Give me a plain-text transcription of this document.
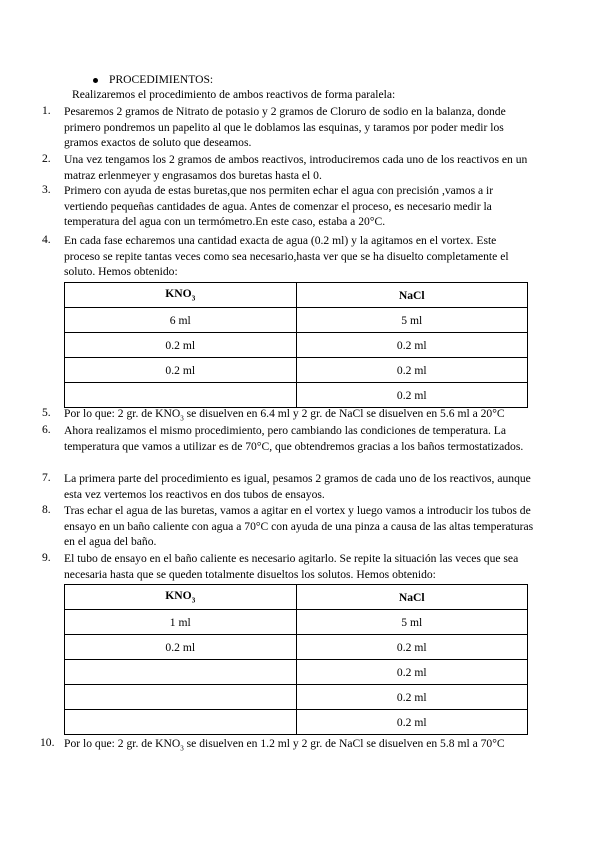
PROCEDIMIENTOS:
Realizaremos el procedimiento de ambos reactivos de forma paralela:
1.	Pesaremos 2 gramos de Nitrato de potasio y 2 gramos de Cloruro de sodio en la balanza, donde primero pondremos un papelito al que le doblamos las esquinas, y taramos por poder medir los gramos exactos de soluto que deseamos.
2.	Una vez tengamos los 2 gramos de ambos reactivos, introduciremos cada uno de los reactivos en un matraz erlenmeyer y engrasamos dos buretas hasta el 0.
3.	Primero con ayuda de estas buretas,que nos permiten echar el agua con precisión ,vamos a ir vertiendo pequeñas cantidades de agua. Antes de comenzar el proceso, es necesario medir la temperatura del agua con un termómetro.En este caso, estaba a 20°C.
4.	En cada fase echaremos una cantidad exacta de agua (0.2 ml) y la agitamos en el vortex. Este proceso se repite tantas veces como sea necesario,hasta ver que se ha disuelto completamente el soluto. Hemos obtenido:
$KNO_3$	NaCl
6 ml	5 ml
0.2 ml	0.2 ml
0.2 ml	0.2 ml
	0.2 ml
5.	Por lo que: 2 gr. de $KNO_3$ se disuelven en 6.4 ml y 2 gr. de NaCl se disuelven en 5.6 ml a 20°C
6.	Ahora realizamos el mismo procedimiento, pero cambiando las condiciones de temperatura. La temperatura que vamos a utilizar es de 70°C, que obtendremos gracias a los baños termostatizados.
7.	La primera parte del procedimiento es igual, pesamos 2 gramos de cada uno de los reactivos, aunque esta vez vertemos los reactivos en dos tubos de ensayos.
8.	Tras echar el agua de las buretas, vamos a agitar en el vortex y luego vamos a introducir los tubos de ensayo en un baño caliente con agua a 70°C con ayuda de una pinza a causa de las altas temperaturas en el agua del baño.
9.	El tubo de ensayo en el baño caliente es necesario agitarlo. Se repite la situación las veces que sea necesaria hasta que se queden totalmente disueltos los solutos. Hemos obtenido:
$KNO_3$	NaCl
1 ml	5 ml
0.2 ml	0.2 ml
	0.2 ml
	0.2 ml
	0.2 ml
10. Por lo que: 2 gr. de $KNO_3$ se disuelven en 1.2 ml y 2 gr. de NaCl se disuelven en 5.8 ml a 70°C
